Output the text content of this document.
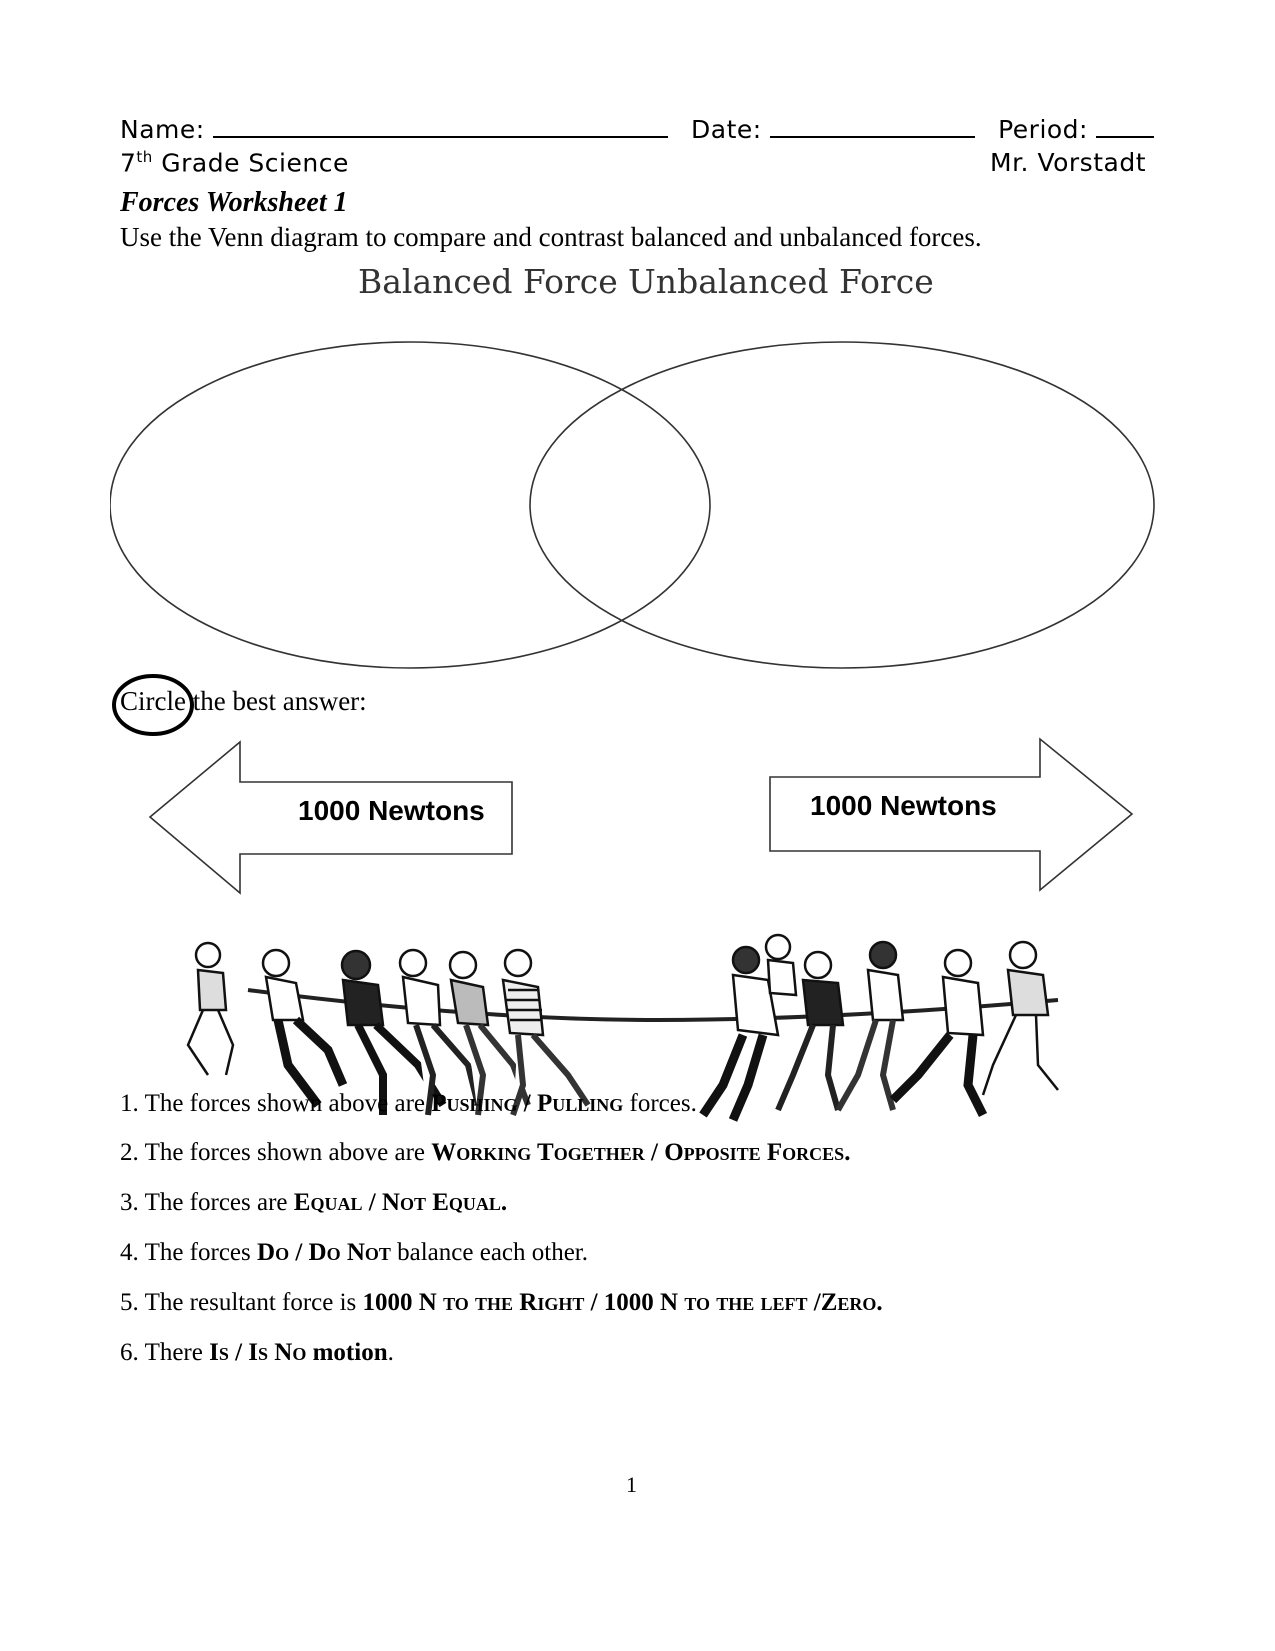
Name:	Date:	Period:
7th Grade Science	Mr. Vorstadt
Forces Worksheet 1
Use the Venn diagram to compare and contrast balanced and unbalanced forces.
Balanced Force Unbalanced Force
Circle
the best answer:
1000 Newtons	1000 Newtons
1. The forces shown above are Pushing / Pulling forces.
2. The forces shown above are Working Together / Opposite Forces.
3. The forces are Equal / Not Equal.
4. The forces Do / Do Not balance each other.
5. The resultant force is 1000 N to the Right / 1000 N to the left /Zero.
6. There Is / Is No motion.
1
